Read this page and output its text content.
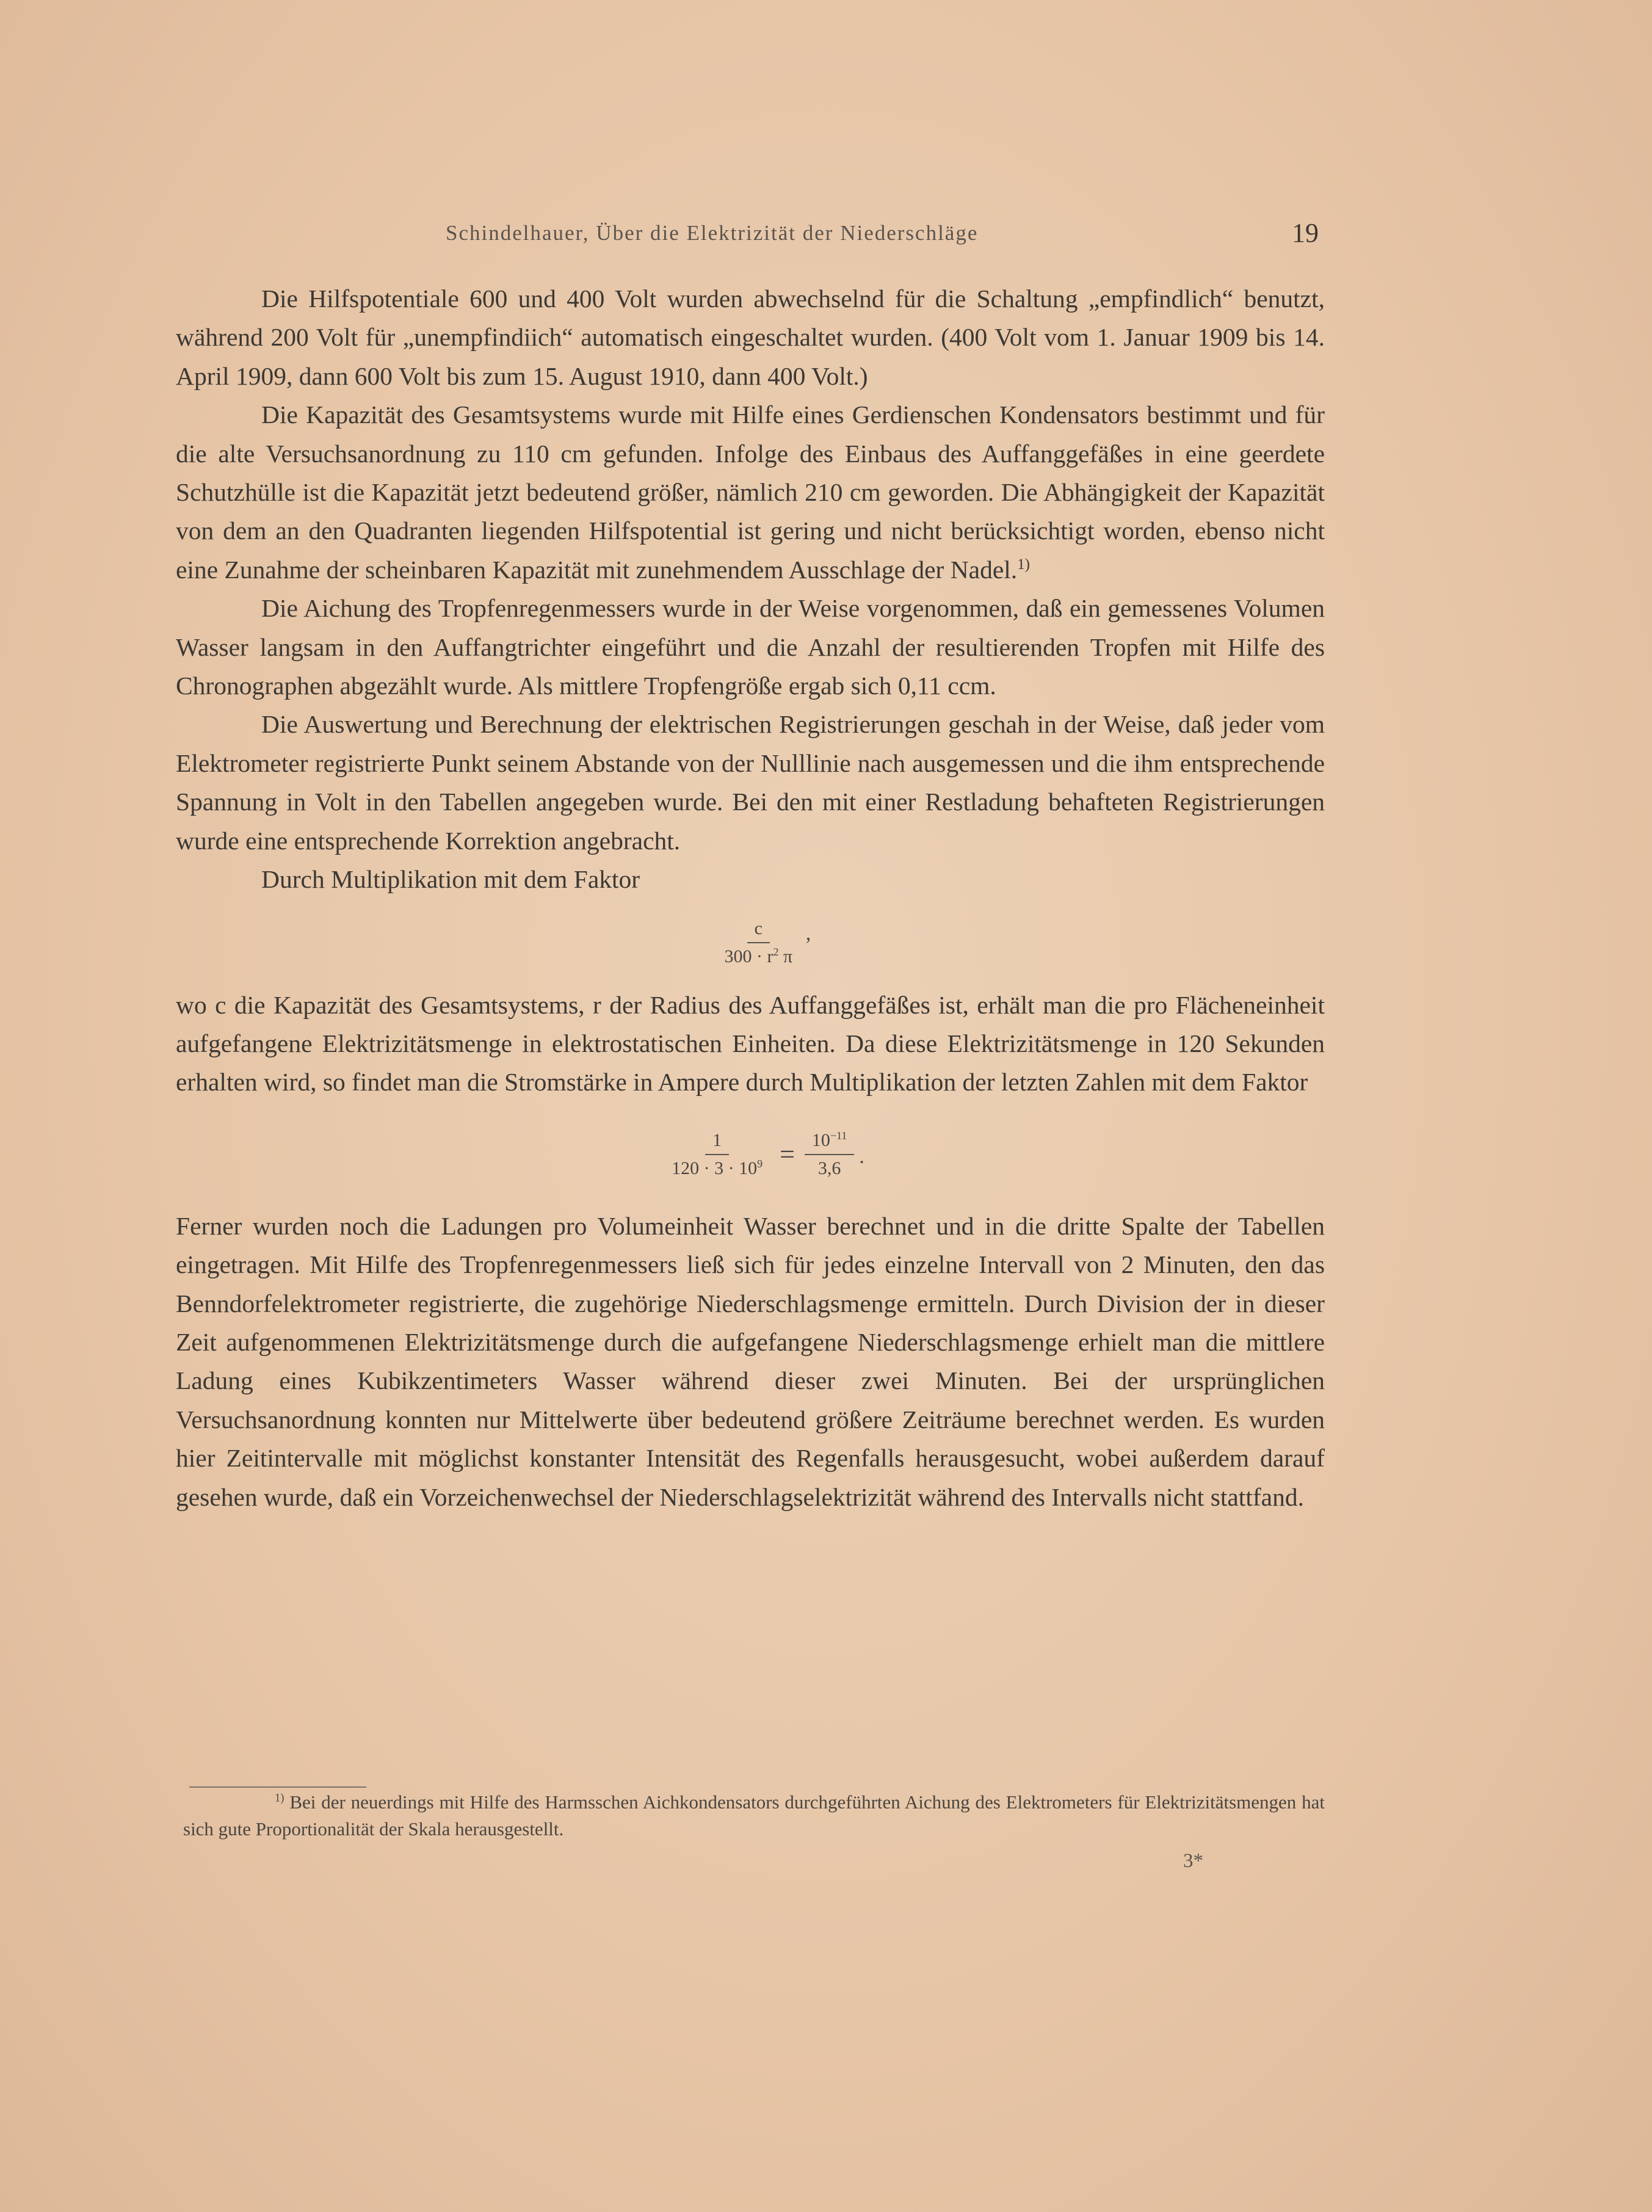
Schindelhauer, Über die Elektrizität der Niederschläge	19

Die Hilfspotentiale 600 und 400 Volt wurden abwechselnd für die Schaltung „empfindlich“ benutzt, während 200 Volt für „unempfindiich“ automatisch eingeschaltet wurden. (400 Volt vom 1. Januar 1909 bis 14. April 1909, dann 600 Volt bis zum 15. August 1910, dann 400 Volt.)

Die Kapazität des Gesamtsystems wurde mit Hilfe eines Gerdienschen Kondensators bestimmt und für die alte Versuchsanordnung zu 110 cm gefunden. Infolge des Einbaus des Auffanggefäßes in eine geerdete Schutzhülle ist die Kapazität jetzt bedeutend größer, nämlich 210 cm geworden. Die Abhängigkeit der Kapazität von dem an den Quadranten liegenden Hilfspotential ist gering und nicht berücksichtigt worden, ebenso nicht eine Zunahme der scheinbaren Kapazität mit zunehmendem Ausschlage der Nadel.$^{1)}$

Die Aichung des Tropfenregenmessers wurde in der Weise vorgenommen, daß ein gemessenes Volumen Wasser langsam in den Auffangtrichter eingeführt und die Anzahl der resultierenden Tropfen mit Hilfe des Chronographen abgezählt wurde. Als mittlere Tropfengröße ergab sich 0,11 ccm.

Die Auswertung und Berechnung der elektrischen Registrierungen geschah in der Weise, daß jeder vom Elektrometer registrierte Punkt seinem Abstande von der Nulllinie nach ausgemessen und die ihm entsprechende Spannung in Volt in den Tabellen angegeben wurde. Bei den mit einer Restladung behafteten Registrierungen wurde eine entsprechende Korrektion angebracht.

Durch Multiplikation mit dem Faktor

$\frac{c}{300 \cdot r^2 \pi}$ ’

wo c die Kapazität des Gesamtsystems, r der Radius des Auffanggefäßes ist, erhält man die pro Flächeneinheit aufgefangene Elektrizitätsmenge in elektrostatischen Einheiten. Da diese Elektrizitätsmenge in 120 Sekunden erhalten wird, so findet man die Stromstärke in Ampere durch Multiplikation der letzten Zahlen mit dem Faktor

$\frac{1}{120 \cdot 3 \cdot 10^9} = \frac{10^{-11}}{3,6}$ .

Ferner wurden noch die Ladungen pro Volumeinheit Wasser berechnet und in die dritte Spalte der Tabellen eingetragen. Mit Hilfe des Tropfenregenmessers ließ sich für jedes einzelne Intervall von 2 Minuten, den das Benndorfelektrometer registrierte, die zugehörige Niederschlagsmenge ermitteln. Durch Division der in dieser Zeit aufgenommenen Elektrizitätsmenge durch die aufgefangene Niederschlagsmenge erhielt man die mittlere Ladung eines Kubikzentimeters Wasser während dieser zwei Minuten. Bei der ursprünglichen Versuchsanordnung konnten nur Mittelwerte über bedeutend größere Zeiträume berechnet werden. Es wurden hier Zeitintervalle mit möglichst konstanter Intensität des Regenfalls herausgesucht, wobei außerdem darauf gesehen wurde, daß ein Vorzeichenwechsel der Niederschlagselektrizität während des Intervalls nicht stattfand.

$^{1)}$ Bei der neuerdings mit Hilfe des Harmsschen Aichkondensators durchgeführten Aichung des Elektrometers für Elektrizitätsmengen hat sich gute Proportionalität der Skala herausgestellt.

3*
